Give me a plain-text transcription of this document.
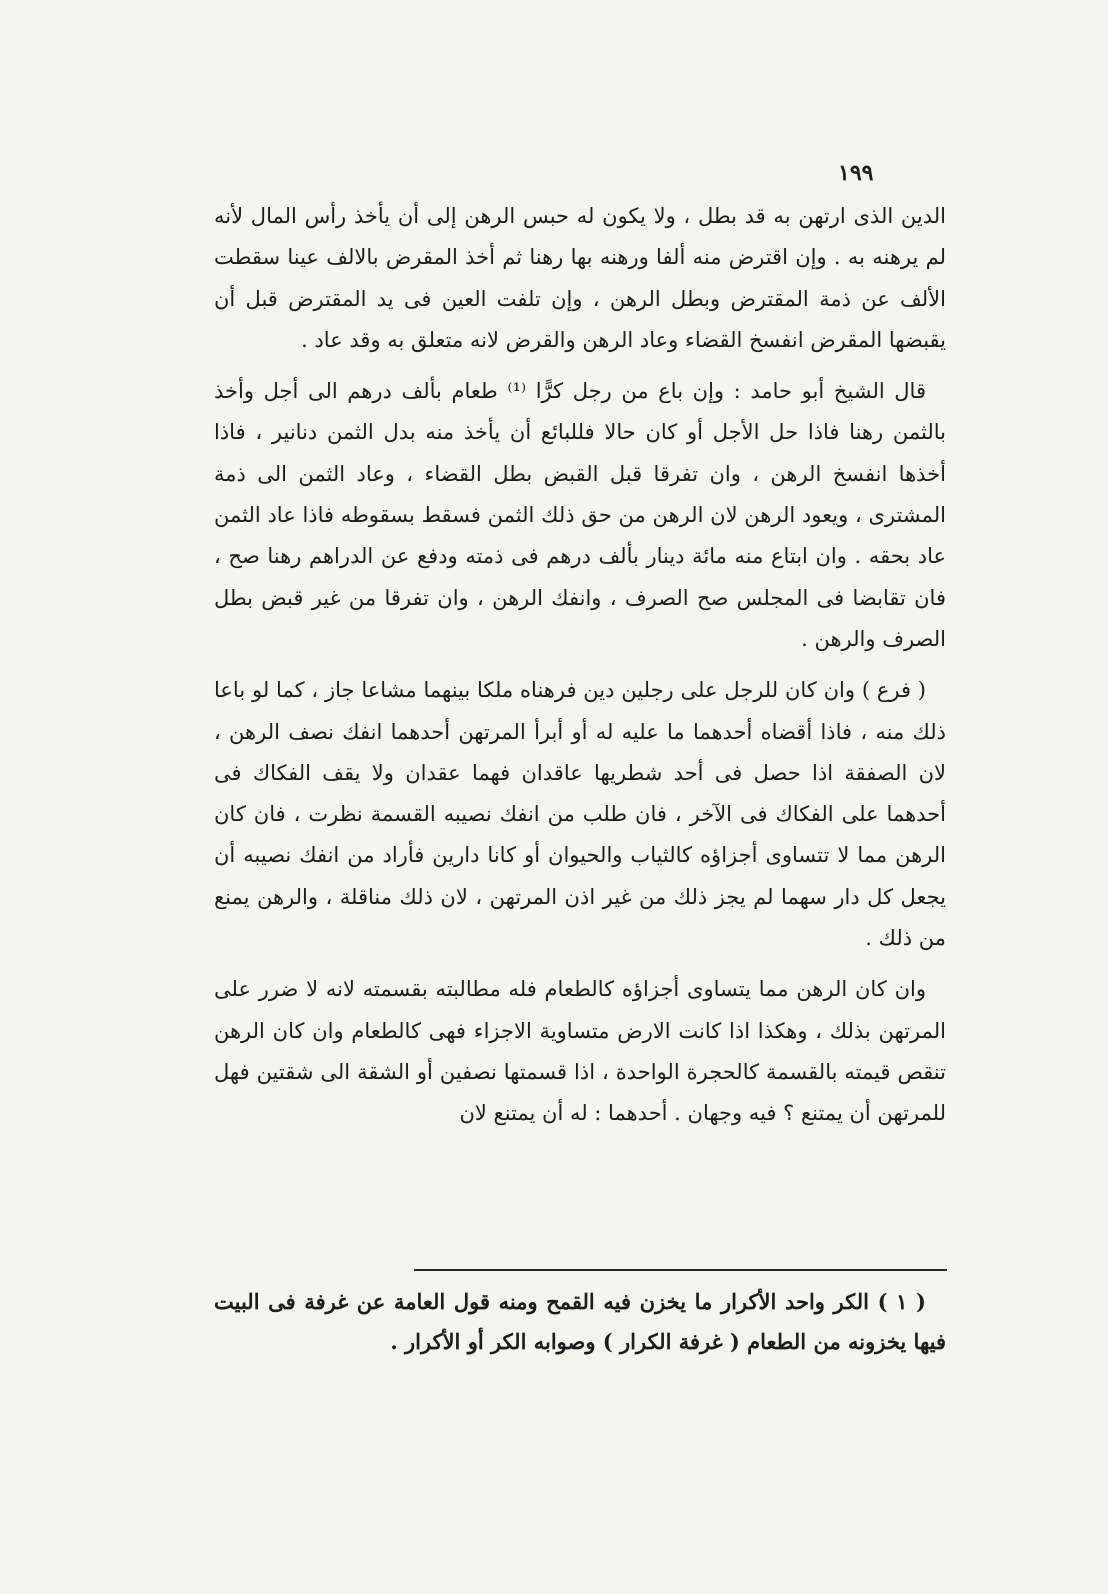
١٩٩

الدين الذى ارتهن به قد بطل ، ولا يكون له حبس الرهن إلى أن يأخذ رأس المال لأنه لم يرهنه به . وإن اقترض منه ألفا ورهنه بها رهنا ثم أخذ المقرض بالالف عينا سقطت الألف عن ذمة المقترض وبطل الرهن ، وإن تلفت العين فى يد المقترض قبل أن يقبضها المقرض انفسخ القضاء وعاد الرهن والقرض لانه متعلق به وقد عاد .

قال الشيخ أبو حامد : وإن باع من رجل كرًّا ⁽¹⁾ طعام بألف درهم الى أجل وأخذ بالثمن رهنا فاذا حل الأجل أو كان حالا فللبائع أن يأخذ منه بدل الثمن دنانير ، فاذا أخذها انفسخ الرهن ، وان تفرقا قبل القبض بطل القضاء ، وعاد الثمن الى ذمة المشترى ، ويعود الرهن لان الرهن من حق ذلك الثمن فسقط بسقوطه فاذا عاد الثمن عاد بحقه . وان ابتاع منه مائة دينار بألف درهم فى ذمته ودفع عن الدراهم رهنا صح ، فان تقابضا فى المجلس صح الصرف ، وانفك الرهن ، وان تفرقا من غير قبض بطل الصرف والرهن .

( فرع ) وان كان للرجل على رجلين دين فرهناه ملكا بينهما مشاعا جاز ، كما لو باعا ذلك منه ، فاذا أقضاه أحدهما ما عليه له أو أبرأ المرتهن أحدهما انفك نصف الرهن ، لان الصفقة اذا حصل فى أحد شطريها عاقدان فهما عقدان ولا يقف الفكاك فى أحدهما على الفكاك فى الآخر ، فان طلب من انفك نصيبه القسمة نظرت ، فان كان الرهن مما لا تتساوى أجزاؤه كالثياب والحيوان أو كانا دارين فأراد من انفك نصيبه أن يجعل كل دار سهما لم يجز ذلك من غير اذن المرتهن ، لان ذلك مناقلة ، والرهن يمنع من ذلك .

وان كان الرهن مما يتساوى أجزاؤه كالطعام فله مطالبته بقسمته لانه لا ضرر على المرتهن بذلك ، وهكذا اذا كانت الارض متساوية الاجزاء فهى كالطعام وان كان الرهن تنقص قيمته بالقسمة كالحجرة الواحدة ، اذا قسمتها نصفين أو الشقة الى شقتين فهل للمرتهن أن يمتنع ؟ فيه وجهان . أحدهما : له أن يمتنع لان

( ١ ) الكر واحد الأكرار ما يخزن فيه القمح ومنه قول العامة عن غرفة فى البيت فيها يخزونه من الطعام ( غرفة الكرار ) وصوابه الكر أو الأكرار .
